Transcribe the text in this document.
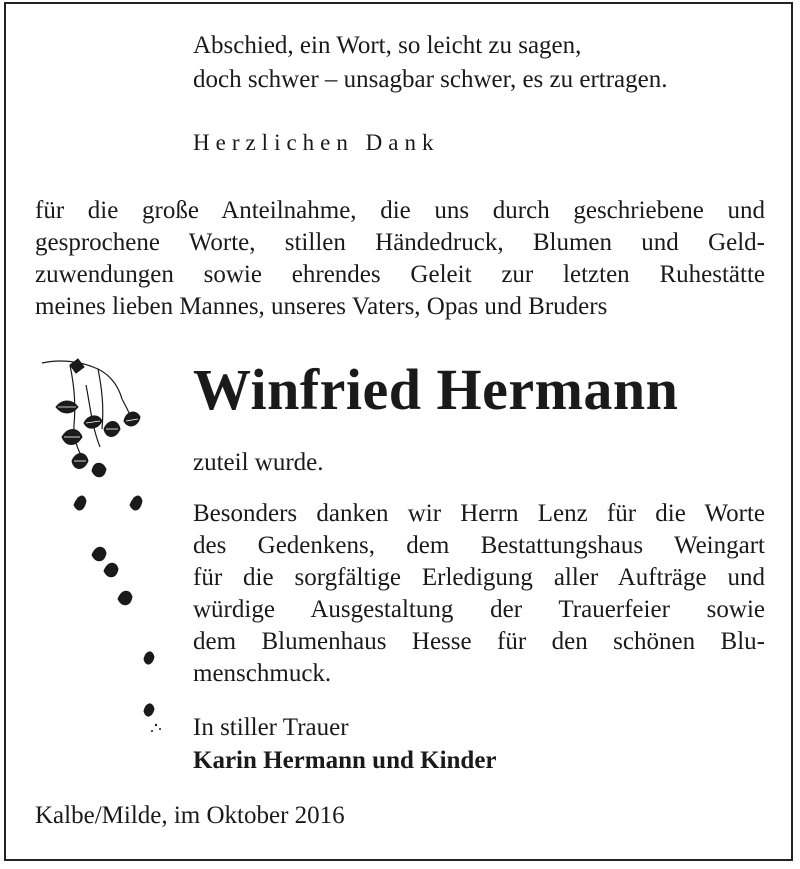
Abschied, ein Wort, so leicht zu sagen,
doch schwer – unsagbar schwer, es zu ertragen.
Herzlichen Dank
für die große Anteilnahme, die uns durch geschriebene und
gesprochene Worte, stillen Händedruck, Blumen und Geld-
zuwendungen sowie ehrendes Geleit zur letzten Ruhestätte
meines lieben Mannes, unseres Vaters, Opas und Bruders
Winfried Hermann
zuteil wurde.
Besonders danken wir Herrn Lenz für die Worte
des Gedenkens, dem Bestattungshaus Weingart
für die sorgfältige Erledigung aller Aufträge und
würdige Ausgestaltung der Trauerfeier sowie
dem Blumenhaus Hesse für den schönen Blu-
menschmuck.
In stiller Trauer
Karin Hermann und Kinder
Kalbe/Milde, im Oktober 2016
